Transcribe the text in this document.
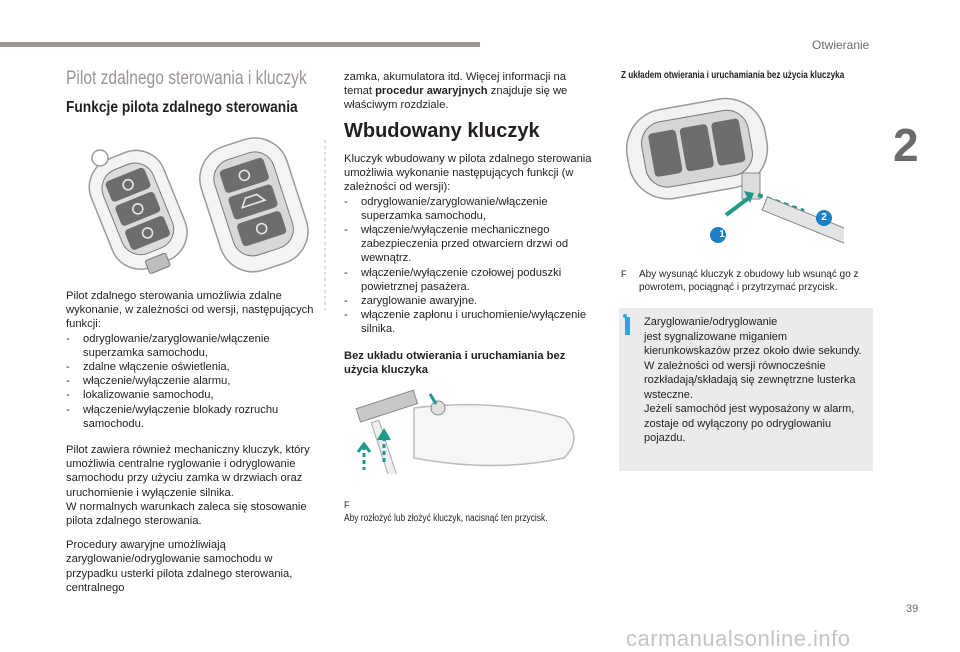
Otwieranie
2
39
carmanualsonline.info
Pilot zdalnego sterowania i kluczyk
Funkcje pilota zdalnego sterowania

Pilot zdalnego sterowania umożliwia zdalne wykonanie, w zależności od wersji, następujących funkcji:

-	odryglowanie/zaryglowanie/włączenie superzamka samochodu,
-	zdalne włączenie oświetlenia,
-	włączenie/wyłączenie alarmu,
-	lokalizowanie samochodu,
-	włączenie/wyłączenie blokady rozruchu samochodu.

Pilot zawiera również mechaniczny kluczyk, który umożliwia centralne ryglowanie i odryglowanie samochodu przy użyciu zamka w drzwiach oraz uruchomienie i wyłączenie silnika.
W normalnych warunkach zaleca się stosowanie pilota zdalnego sterowania.

Procedury awaryjne umożliwiają zaryglowanie/odryglowanie samochodu w przypadku usterki pilota zdalnego sterowania, centralnego

zamka, akumulatora itd. Więcej informacji na temat procedur awaryjnych znajduje się we właściwym rozdziale.

Wbudowany kluczyk

Kluczyk wbudowany w pilota zdalnego sterowania umożliwia wykonanie następujących funkcji (w zależności od wersji):

-	odryglowanie/zaryglowanie/włączenie superzamka samochodu,
-	włączenie/wyłączenie mechanicznego zabezpieczenia przed otwarciem drzwi od wewnątrz.
-	włączenie/wyłączenie czołowej poduszki powietrznej pasażera.
-	zaryglowanie awaryjne.
-	włączenie zapłonu i uruchomienie/wyłączenie silnika.

Bez układu otwierania i uruchamiania bez użycia kluczyka

FAby rozłożyć lub złożyć kluczyk, nacisnąć ten przycisk.
Z układem otwierania i uruchamiania bez użycia kluczyka
1
2
F	Aby wysunąć kluczyk z obudowy lub wsunąć go z powrotem, pociągnąć i przytrzymać przycisk.
Zaryglowanie/odryglowanie
jest sygnalizowane miganiem kierunkowskazów przez około dwie sekundy.
W zależności od wersji równocześnie rozkładają/składają się zewnętrzne lusterka wsteczne.
Jeżeli samochód jest wyposażony w alarm, zostaje od wyłączony po odryglowaniu pojazdu.
